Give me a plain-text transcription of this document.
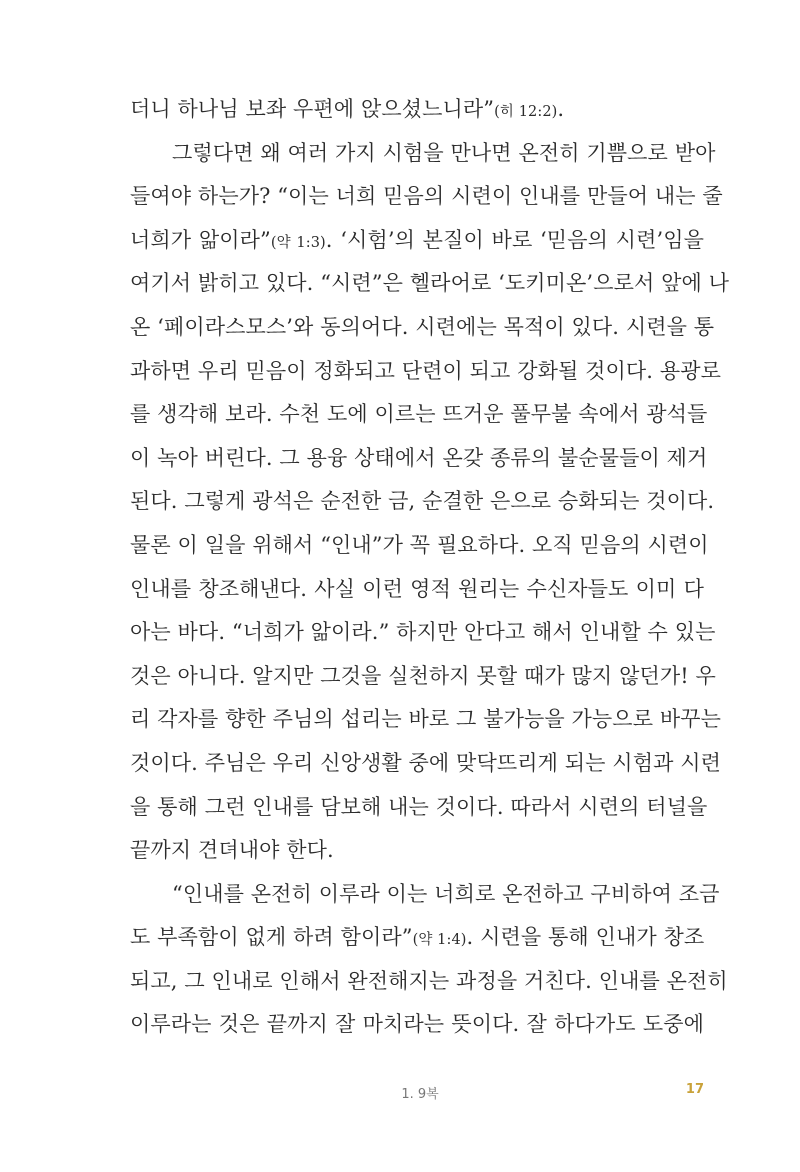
더니 하나님 보좌 우편에 앉으셨느니라”(히 12:2).
그렇다면 왜 여러 가지 시험을 만나면 온전히 기쁨으로 받아
들여야 하는가? “이는 너희 믿음의 시련이 인내를 만들어 내는 줄
너희가 앎이라”(약 1:3). ‘시험’의 본질이 바로 ‘믿음의 시련’임을
여기서 밝히고 있다. “시련”은 헬라어로 ‘도키미온’으로서 앞에 나
온 ‘페이라스모스’와 동의어다. 시련에는 목적이 있다. 시련을 통
과하면 우리 믿음이 정화되고 단련이 되고 강화될 것이다. 용광로
를 생각해 보라. 수천 도에 이르는 뜨거운 풀무불 속에서 광석들
이 녹아 버린다. 그 용융 상태에서 온갖 종류의 불순물들이 제거
된다. 그렇게 광석은 순전한 금, 순결한 은으로 승화되는 것이다.
물론 이 일을 위해서 “인내”가 꼭 필요하다. 오직 믿음의 시련이
인내를 창조해낸다. 사실 이런 영적 원리는 수신자들도 이미 다
아는 바다. “너희가 앎이라.” 하지만 안다고 해서 인내할 수 있는
것은 아니다. 알지만 그것을 실천하지 못할 때가 많지 않던가! 우
리 각자를 향한 주님의 섭리는 바로 그 불가능을 가능으로 바꾸는
것이다. 주님은 우리 신앙생활 중에 맞닥뜨리게 되는 시험과 시련
을 통해 그런 인내를 담보해 내는 것이다. 따라서 시련의 터널을
끝까지 견뎌내야 한다.
“인내를 온전히 이루라 이는 너희로 온전하고 구비하여 조금
도 부족함이 없게 하려 함이라”(약 1:4). 시련을 통해 인내가 창조
되고, 그 인내로 인해서 완전해지는 과정을 거친다. 인내를 온전히
이루라는 것은 끝까지 잘 마치라는 뜻이다. 잘 하다가도 도중에
1. 9복	17
